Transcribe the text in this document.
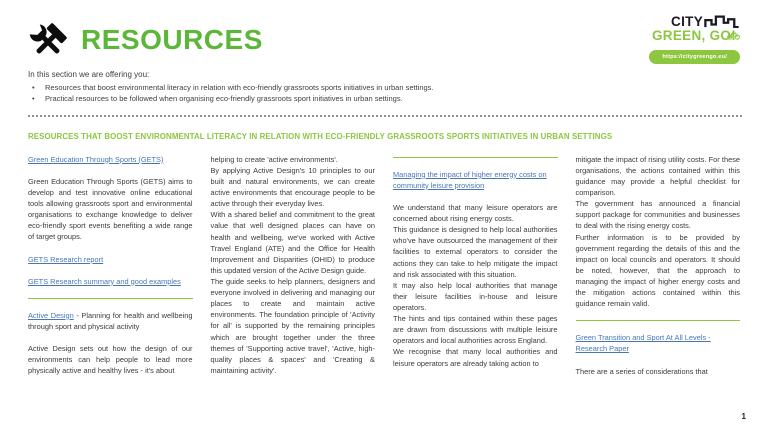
RESOURCES
CITY
GREEN, GO!
https://citygreengo.eu/

In this section we are offering you:

• Resources that boost environmental literacy in relation with eco-friendly grassroots sports initiatives in urban settings.
• Practical resources to be followed when organising eco-friendly grassroots sport initiatives in urban settings.
RESOURCES THAT BOOST ENVIRONMENTAL LITERACY IN RELATION WITH ECO-FRIENDLY GRASSROOTS SPORTS INITIATIVES IN URBAN SETTINGS
Green Education Through Sports (GETS)

Green Education Through Sports (GETS) aims to develop and test innovative online educational tools allowing grassroots sport and environmental organisations to exchange knowledge to deliver eco-friendly sport events benefiting a wide range of target groups.

GETS Research report
GETS Research summary and good examples

Active Design - Planning for health and wellbeing through sport and physical activity

Active Design sets out how the design of our environments can help people to lead more physically active and healthy lives - it's about

helping to create 'active environments'.

By applying Active Design's 10 principles to our built and natural environments, we can create active environments that encourage people to be active through their everyday lives.

With a shared belief and commitment to the great value that well designed places can have on health and wellbeing, we've worked with Active Travel England (ATE) and the Office for Health Improvement and Disparities (OHID) to produce this updated version of the Active Design guide.

The guide seeks to help planners, designers and everyone involved in delivering and managing our places to create and maintain active environments. The foundation principle of 'Activity for all' is supported by the remaining principles which are brought together under the three themes of 'Supporting active travel', 'Active, high-quality places & spaces' and 'Creating & maintaining activity'.

Managing the impact of higher energy costs on community leisure provision

We understand that many leisure operators are concerned about rising energy costs.

This guidance is designed to help local authorities who've have outsourced the management of their facilities to external operators to consider the actions they can take to help mitigate the impact and risk associated with this situation.

It may also help local authorities that manage their leisure facilities in-house and leisure operators.

The hints and tips contained within these pages are drawn from discussions with multiple leisure operators and local authorities across England.

We recognise that many local authorities and leisure operators are already taking action to

mitigate the impact of rising utility costs. For these organisations, the actions contained within this guidance may provide a helpful checklist for comparison.

The government has announced a financial support package for communities and businesses to deal with the rising energy costs.

Further information is to be provided by government regarding the details of this and the impact on local councils and operators. It should be noted, however, that the approach to managing the impact of higher energy costs and the mitigation actions contained within this guidance remain valid.

Green Transition and Sport At All Levels - Research Paper

There are a series of considerations that

1
